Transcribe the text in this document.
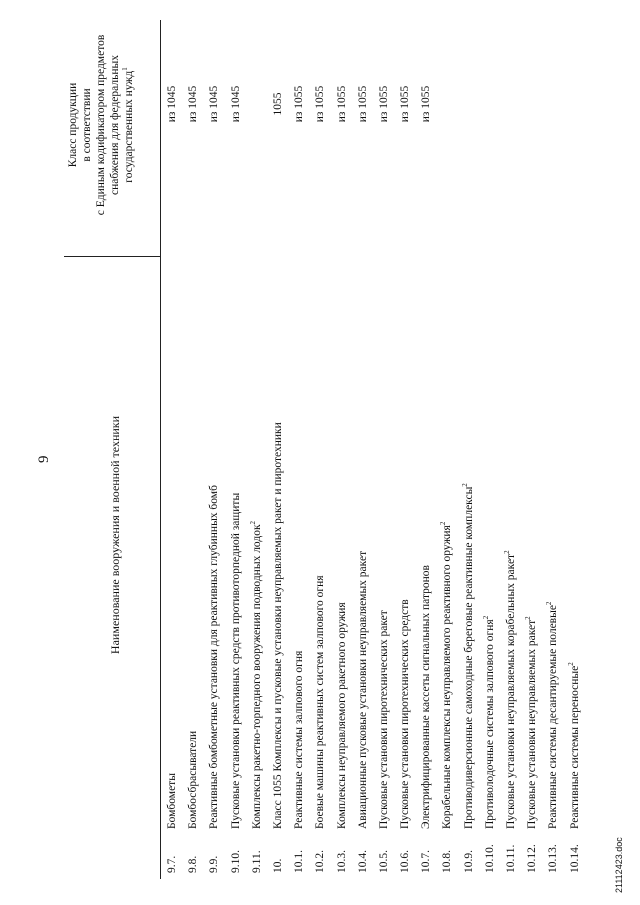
9	Наименование вооружения и военной техники
Класс продукции в соответствии с Единым кодификатором предметов снабжения для федеральных государственных нужд$^1$
9.7.
Бомбометы
из 1045
9.8.
Бомбосбрасыватели
из 1045
9.9.
Реактивные бомбометные установки для реактивных глубинных бомб
из 1045
9.10.
Пусковые установки реактивных средств противоторпедной защиты
из 1045
9.11.
Комплексы ракетно-торпедного вооружения подводных лодок$^2$
10.
Класс 1055 Комплексы и пусковые установки неуправляемых ракет и пиротехники
1055
10.1.
Реактивные системы залпового огня
из 1055
10.2.
Боевые машины реактивных систем залпового огня
из 1055
10.3.
Комплексы неуправляемого ракетного оружия
из 1055
10.4.
Авиационные пусковые установки неуправляемых ракет
из 1055
10.5.
Пусковые установки пиротехнических ракет
из 1055
10.6.
Пусковые установки пиротехнических средств
из 1055
10.7.
Электрифицированные кассеты сигнальных патронов
из 1055
10.8.
Корабельные комплексы неуправляемого реактивного оружия$^2$
10.9.
Противодиверсионные самоходные береговые реактивные комплексы$^2$
10.10.
Противолодочные системы залпового огня$^2$
10.11.
Пусковые установки неуправляемых корабельных ракет$^2$
10.12.
Пусковые установки неуправляемых ракет$^2$
10.13.
Реактивные системы десантируемые полевые$^2$
10.14.
Реактивные системы переносные$^2$
21112423.doc
